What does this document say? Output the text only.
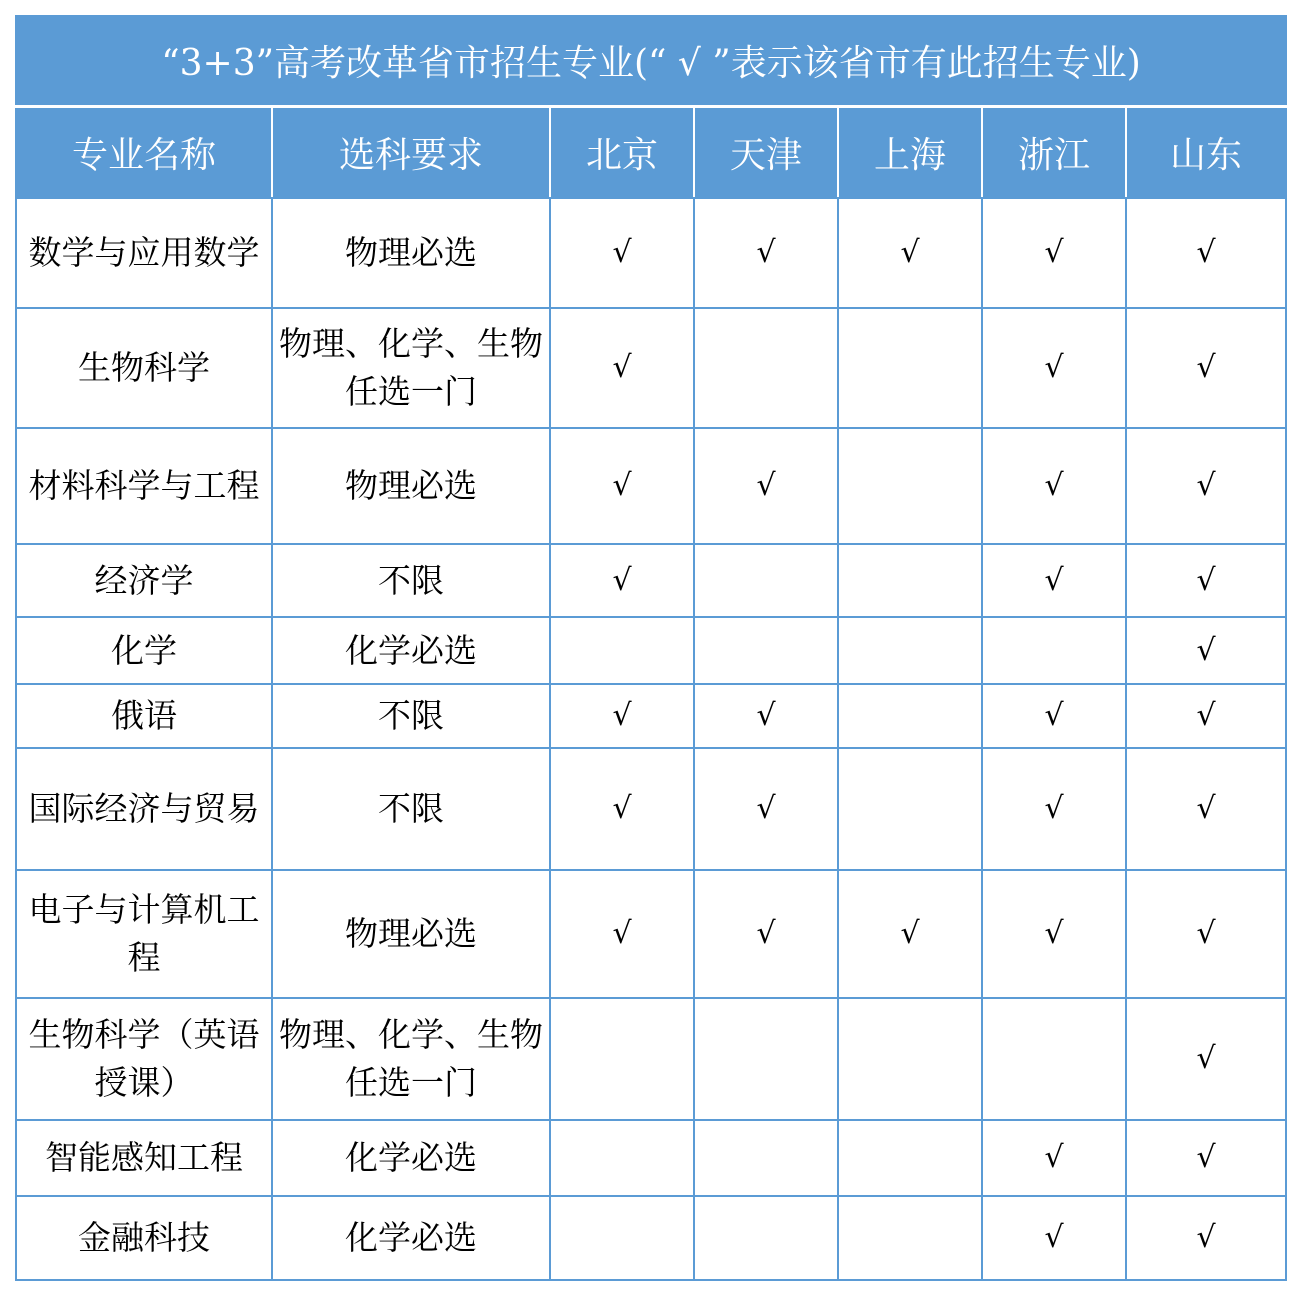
“3+3”高考改革省市招生专业(“ √ ”表示该省市有此招生专业)						
专业名称	选科要求	北京	天津	上海	浙江	山东
数学与应用数学	物理必选	√	√	√	√	√
生物科学	物理、化学、生物任选一门	√			√	√
材料科学与工程	物理必选	√	√		√	√
经济学	不限	√			√	√
化学	化学必选					√
俄语	不限	√	√		√	√
国际经济与贸易	不限	√	√		√	√
电子与计算机工程	物理必选	√	√	√	√	√
生物科学（英语授课）	物理、化学、生物任选一门					√
智能感知工程	化学必选				√	√
金融科技	化学必选				√	√
